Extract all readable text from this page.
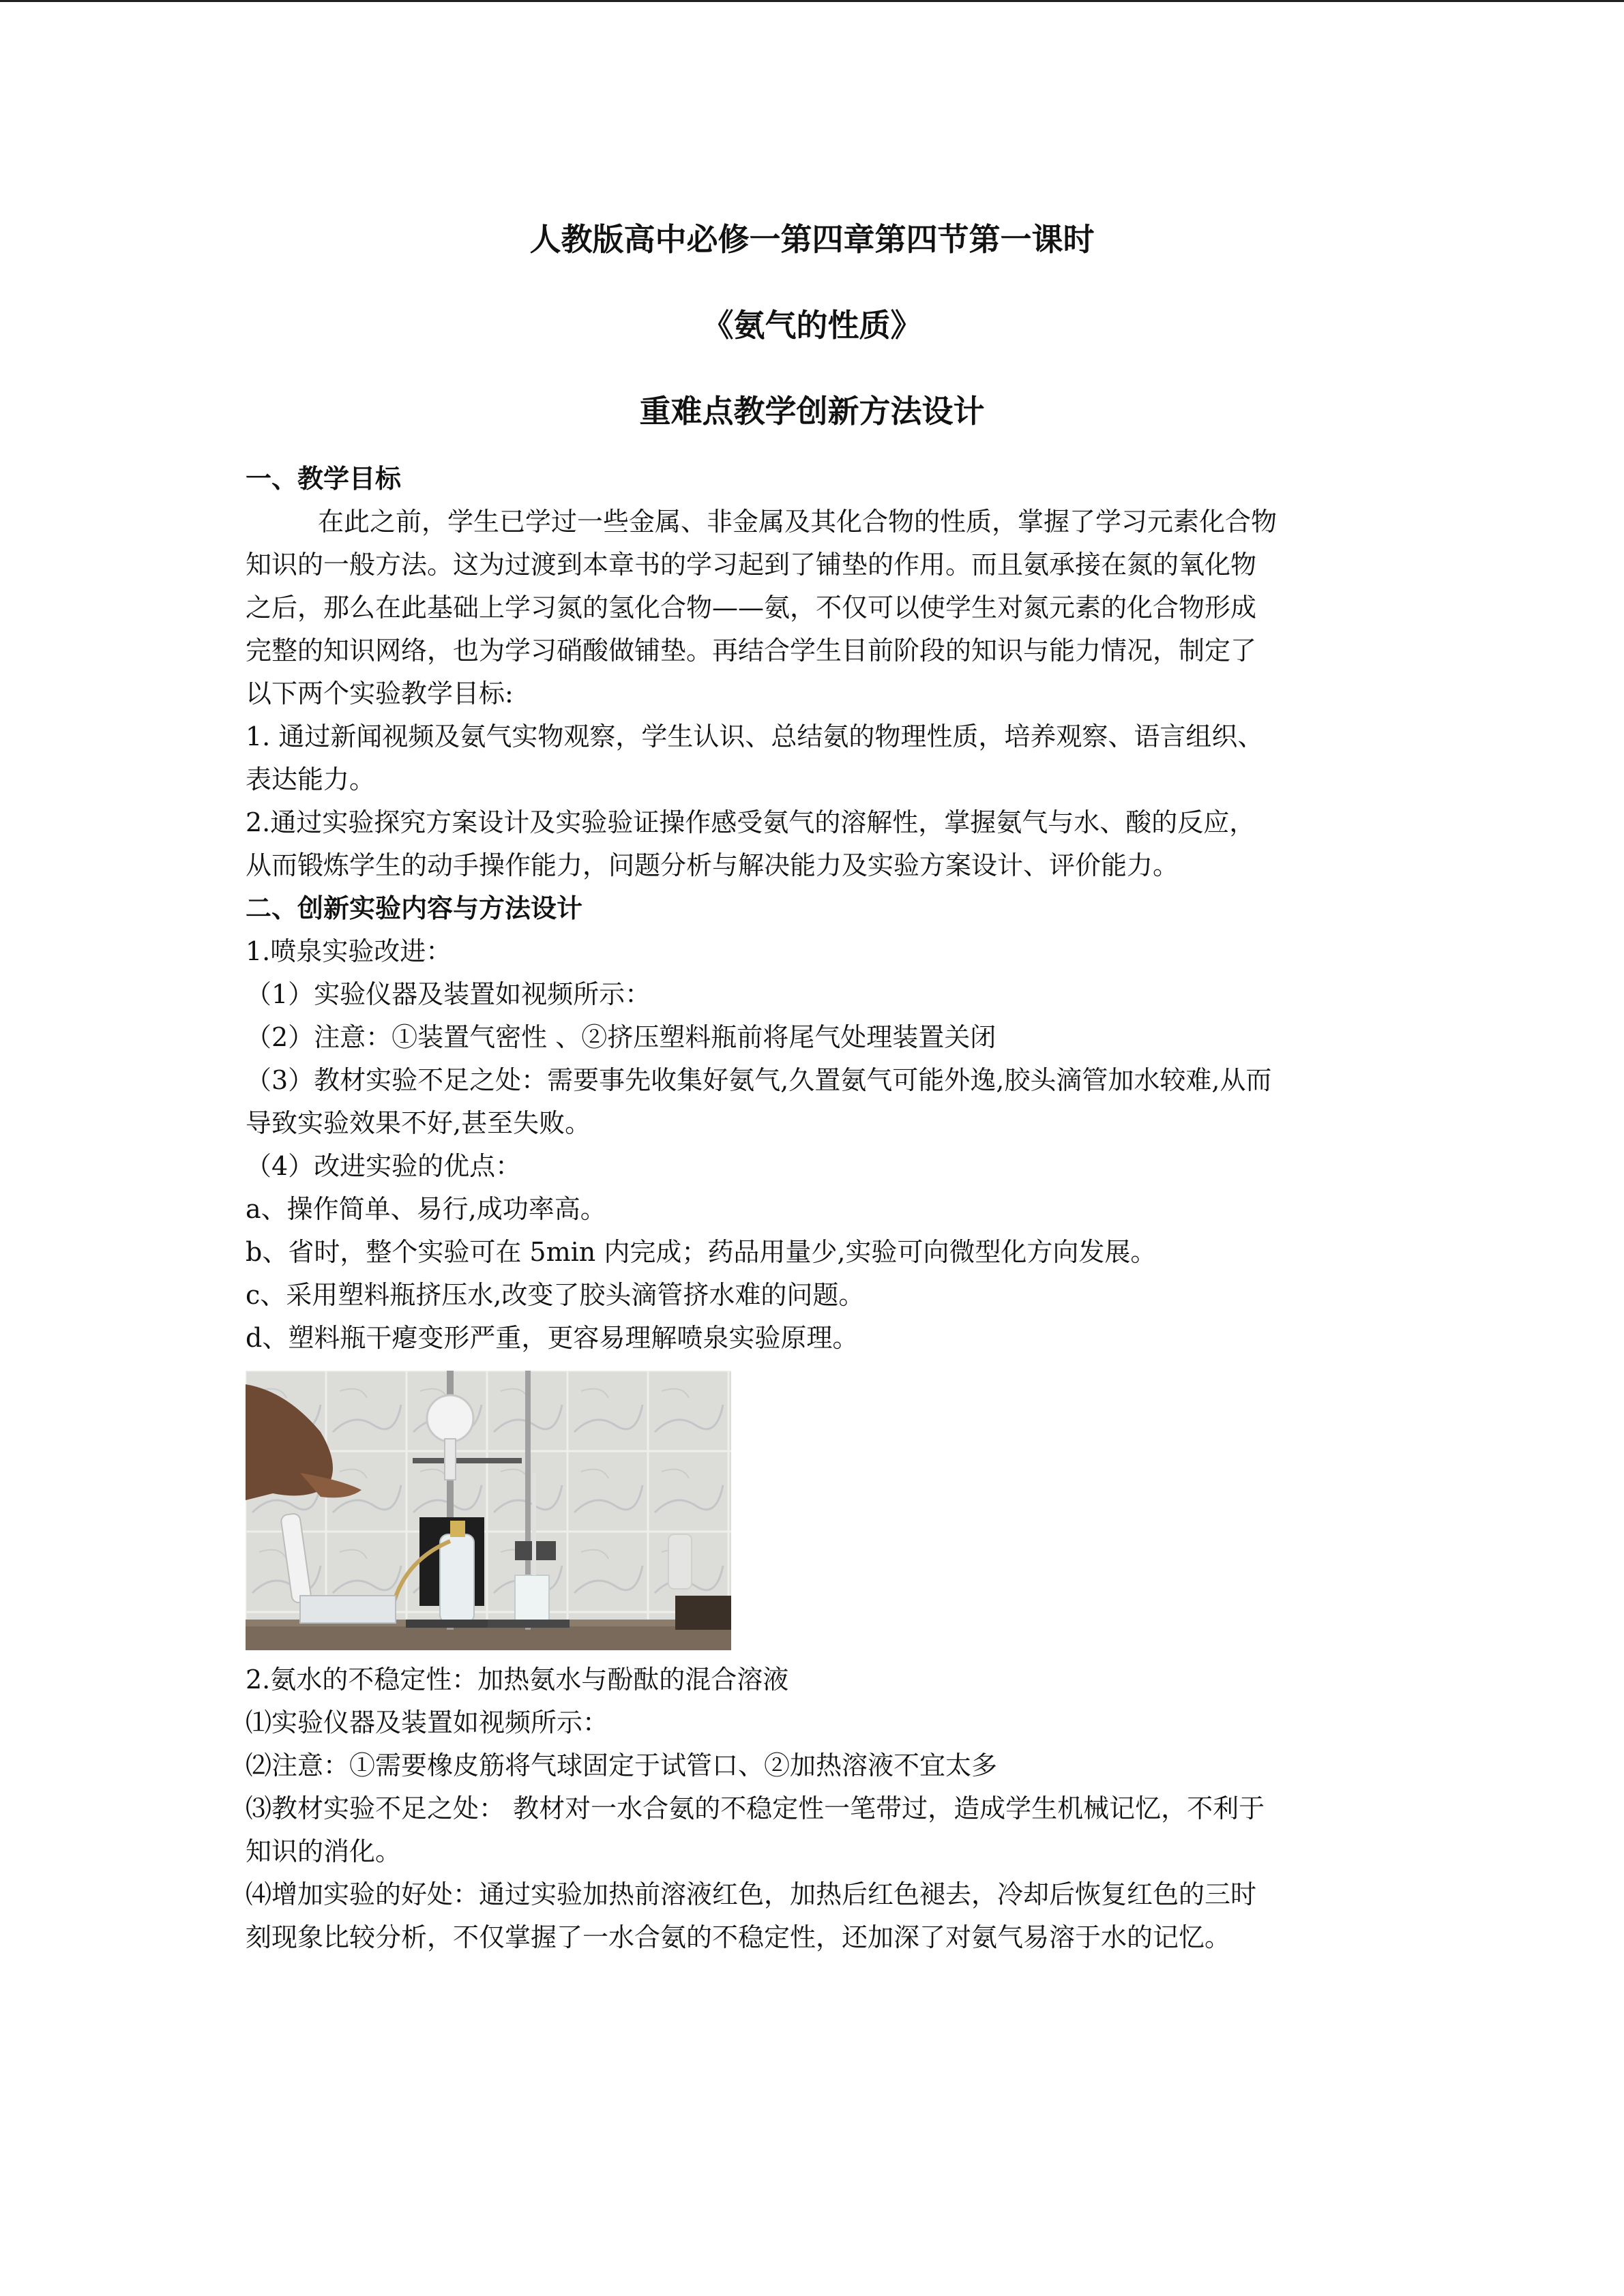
人教版高中必修一第四章第四节第一课时
《氨气的性质》
重难点教学创新方法设计
一、教学目标
在此之前，学生已学过一些金属、非金属及其化合物的性质，掌握了学习元素化合物
知识的一般方法。这为过渡到本章书的学习起到了铺垫的作用。而且氨承接在氮的氧化物
之后，那么在此基础上学习氮的氢化合物——氨，不仅可以使学生对氮元素的化合物形成
完整的知识网络，也为学习硝酸做铺垫。再结合学生目前阶段的知识与能力情况，制定了
以下两个实验教学目标:
1. 通过新闻视频及氨气实物观察，学生认识、总结氨的物理性质，培养观察、语言组织、
表达能力。
2.通过实验探究方案设计及实验验证操作感受氨气的溶解性，掌握氨气与水、酸的反应，
从而锻炼学生的动手操作能力，问题分析与解决能力及实验方案设计、评价能力。
二、创新实验内容与方法设计
1.喷泉实验改进：
（1）实验仪器及装置如视频所示：
（2）注意：①装置气密性 、②挤压塑料瓶前将尾气处理装置关闭
（3）教材实验不足之处：需要事先收集好氨气,久置氨气可能外逸,胶头滴管加水较难,从而
导致实验效果不好,甚至失败。
（4）改进实验的优点：
a、操作简单、易行,成功率高。
b、省时，整个实验可在 5min 内完成；药品用量少,实验可向微型化方向发展。
c、采用塑料瓶挤压水,改变了胶头滴管挤水难的问题。
d、塑料瓶干瘪变形严重，更容易理解喷泉实验原理。
2.氨水的不稳定性：加热氨水与酚酞的混合溶液
⑴实验仪器及装置如视频所示：
⑵注意：①需要橡皮筋将气球固定于试管口、②加热溶液不宜太多
⑶教材实验不足之处： 教材对一水合氨的不稳定性一笔带过，造成学生机械记忆，不利于
知识的消化。
⑷增加实验的好处：通过实验加热前溶液红色，加热后红色褪去，冷却后恢复红色的三时
刻现象比较分析，不仅掌握了一水合氨的不稳定性，还加深了对氨气易溶于水的记忆。
